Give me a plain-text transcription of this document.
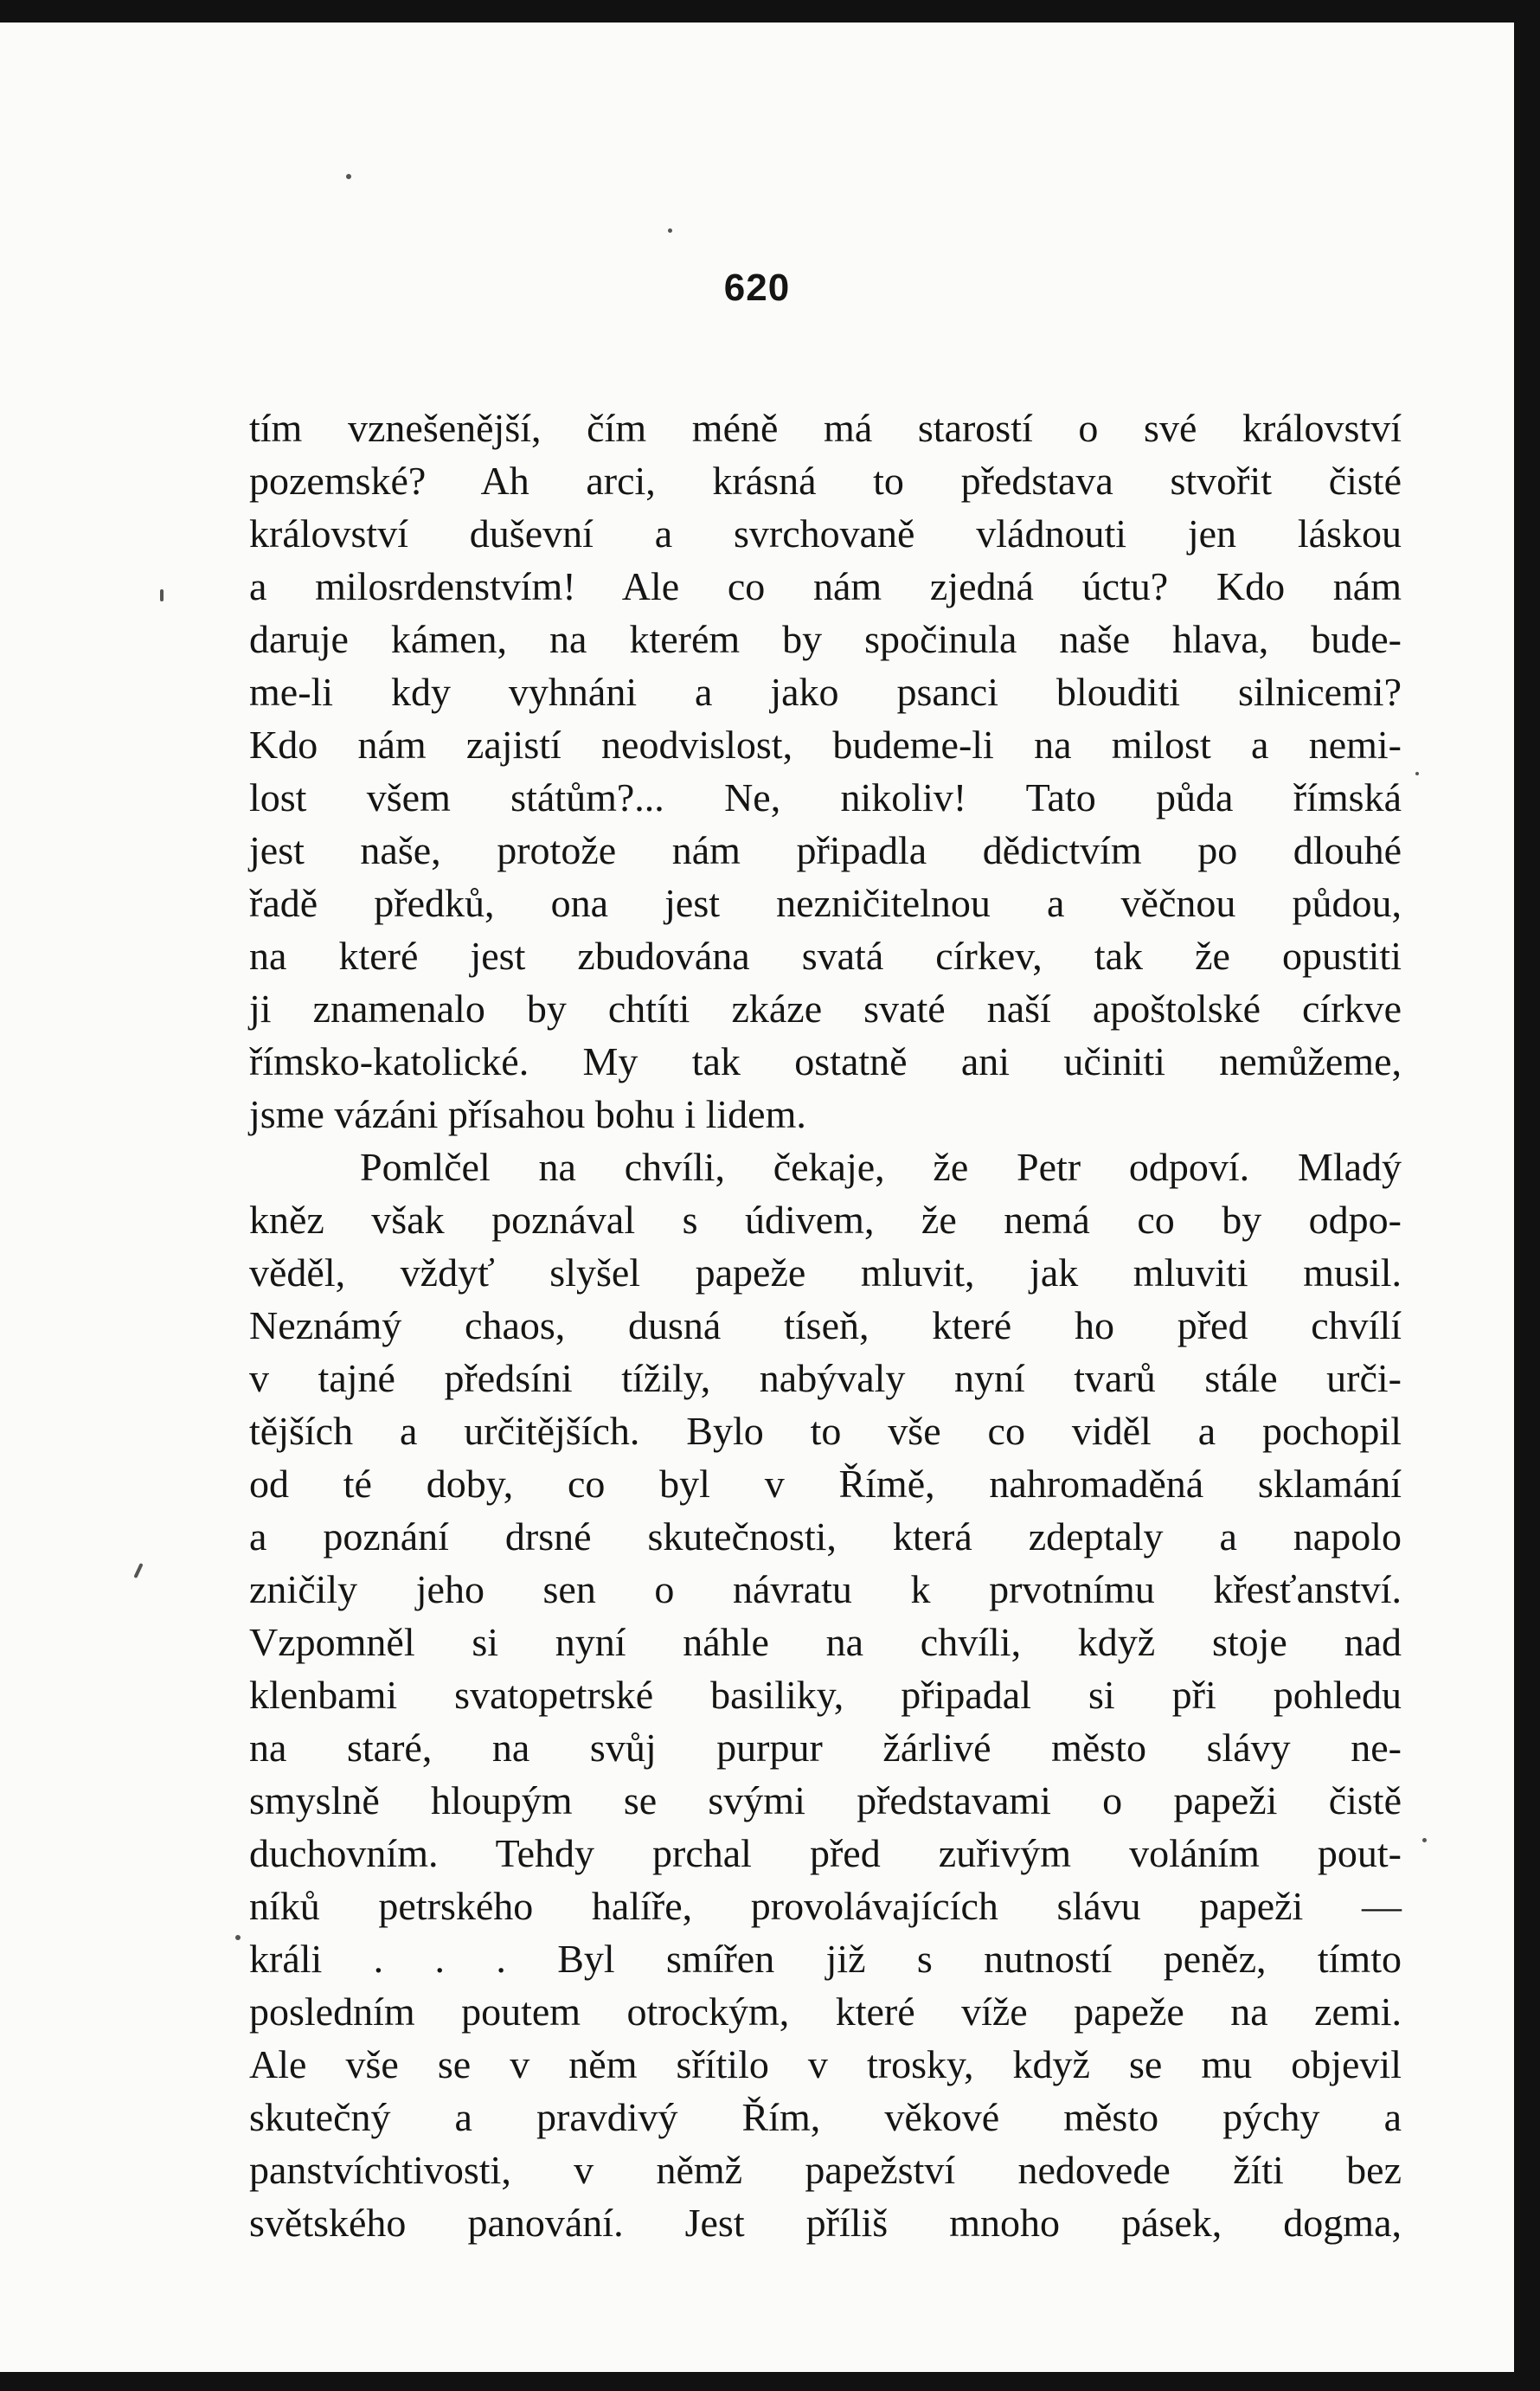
620
tím vznešenější, čím méně má starostí o své království
pozemské? Ah arci, krásná to představa stvořit čisté
království duševní a svrchovaně vládnouti jen láskou
a milosrdenstvím! Ale co nám zjedná úctu? Kdo nám
daruje kámen, na kterém by spočinula naše hlava, bude-
me-li kdy vyhnáni a jako psanci blouditi silnicemi?
Kdo nám zajistí neodvislost, budeme-li na milost a nemi-
lost všem státům?... Ne, nikoliv! Tato půda římská
jest naše, protože nám připadla dědictvím po dlouhé
řadě předků, ona jest nezničitelnou a věčnou půdou,
na které jest zbudována svatá církev, tak že opustiti
ji znamenalo by chtíti zkáze svaté naší apoštolské církve
římsko-katolické. My tak ostatně ani učiniti nemůžeme,
jsme vázáni přísahou bohu i lidem.
Pomlčel na chvíli, čekaje, že Petr odpoví. Mladý
kněz však poznával s údivem, že nemá co by odpo-
věděl, vždyť slyšel papeže mluvit, jak mluviti musil.
Neznámý chaos, dusná tíseň, které ho před chvílí
v tajné předsíni tížily, nabývaly nyní tvarů stále urči-
tějších a určitějších. Bylo to vše co viděl a pochopil
od té doby, co byl v Římě, nahromaděná sklamání
a poznání drsné skutečnosti, která zdeptaly a napolo
zničily jeho sen o návratu k prvotnímu křesťanství.
Vzpomněl si nyní náhle na chvíli, když stoje nad
klenbami svatopetrské basiliky, připadal si při pohledu
na staré, na svůj purpur žárlivé město slávy ne-
smyslně hloupým se svými představami o papeži čistě
duchovním. Tehdy prchal před zuřivým voláním pout-
níků petrského halíře, provolávajících slávu papeži —
králi . . . Byl smířen již s nutností peněz, tímto
posledním poutem otrockým, které víže papeže na zemi.
Ale vše se v něm sřítilo v trosky, když se mu objevil
skutečný a pravdivý Řím, věkové město pýchy a
panstvíchtivosti, v němž papežství nedovede žíti bez
světského panování. Jest příliš mnoho pásek, dogma,
